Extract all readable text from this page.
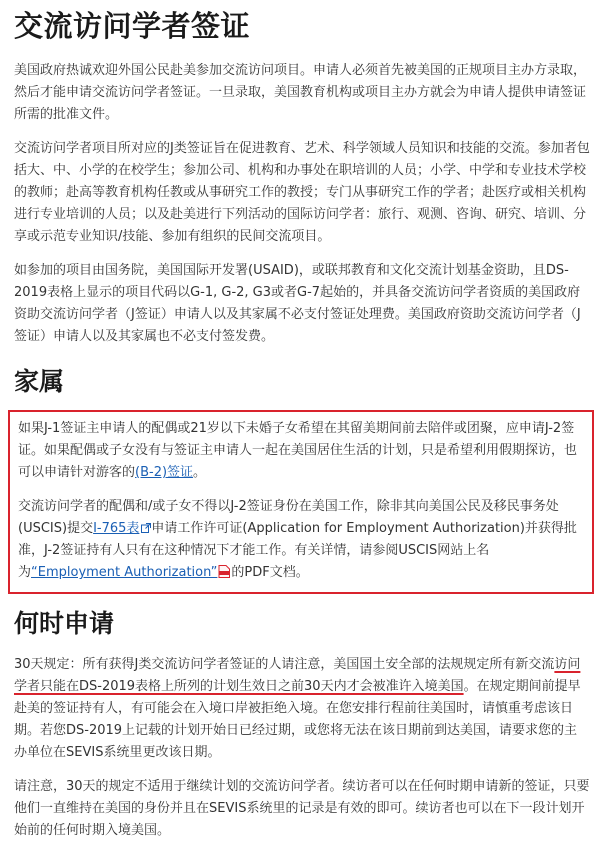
交流访问学者签证

美国政府热诚欢迎外国公民赴美参加交流访问项目。申请人必须首先被美国的正规项目主办方录取，然后才能申请交流访问学者签证。一旦录取，美国教育机构或项目主办方就会为申请人提供申请签证所需的批准文件。

交流访问学者项目所对应的J类签证旨在促进教育、艺术、科学领域人员知识和技能的交流。参加者包括大、中、小学的在校学生；参加公司、机构和办事处在职培训的人员；小学、中学和专业技术学校的教师；赴高等教育机构任教或从事研究工作的教授；专门从事研究工作的学者；赴医疗或相关机构进行专业培训的人员；以及赴美进行下列活动的国际访问学者：旅行、观测、咨询、研究、培训、分享或示范专业知识/技能、参加有组织的民间交流项目。

如参加的项目由国务院，美国国际开发署(USAID)，或联邦教育和文化交流计划基金资助，且DS-2019表格上显示的项目代码以G-1, G-2, G3或者G-7起始的，并具备交流访问学者资质的美国政府资助交流访问学者（J签证）申请人以及其家属不必支付签证处理费。美国政府资助交流访问学者（J签证）申请人以及其家属也不必支付签发费。

家属

如果J-1签证主申请人的配偶或21岁以下未婚子女希望在其留美期间前去陪伴或团聚，应申请J-2签证。如果配偶或子女没有与签证主申请人一起在美国居住生活的计划，只是希望利用假期探访，也可以申请针对游客的(B-2)签证。

交流访问学者的配偶和/或子女不得以J-2签证身份在美国工作，除非其向美国公民及移民事务处(USCIS)提交I-765表 申请工作许可证(Application for Employment Authorization)并获得批准，J-2签证持有人只有在这种情况下才能工作。有关详情，请参阅USCIS网站上名为“Employment Authorization” 的PDF文档。

何时申请

30天规定：所有获得J类交流访问学者签证的人请注意，美国国土安全部的法规规定所有新交流访问学者只能在DS-2019表格上所列的计划生效日之前30天内才会被准许入境美国。在规定期间前提早赴美的签证持有人，有可能会在入境口岸被拒绝入境。在您安排行程前往美国时，请慎重考虑该日期。若您DS-2019上记载的计划开始日已经过期，或您将无法在该日期前到达美国，请要求您的主办单位在SEVIS系统里更改该日期。

请注意，30天的规定不适用于继续计划的交流访问学者。续访者可以在任何时期申请新的签证，只要他们一直维持在美国的身份并且在SEVIS系统里的记录是有效的即可。续访者也可以在下一段计划开始前的任何时期入境美国。
